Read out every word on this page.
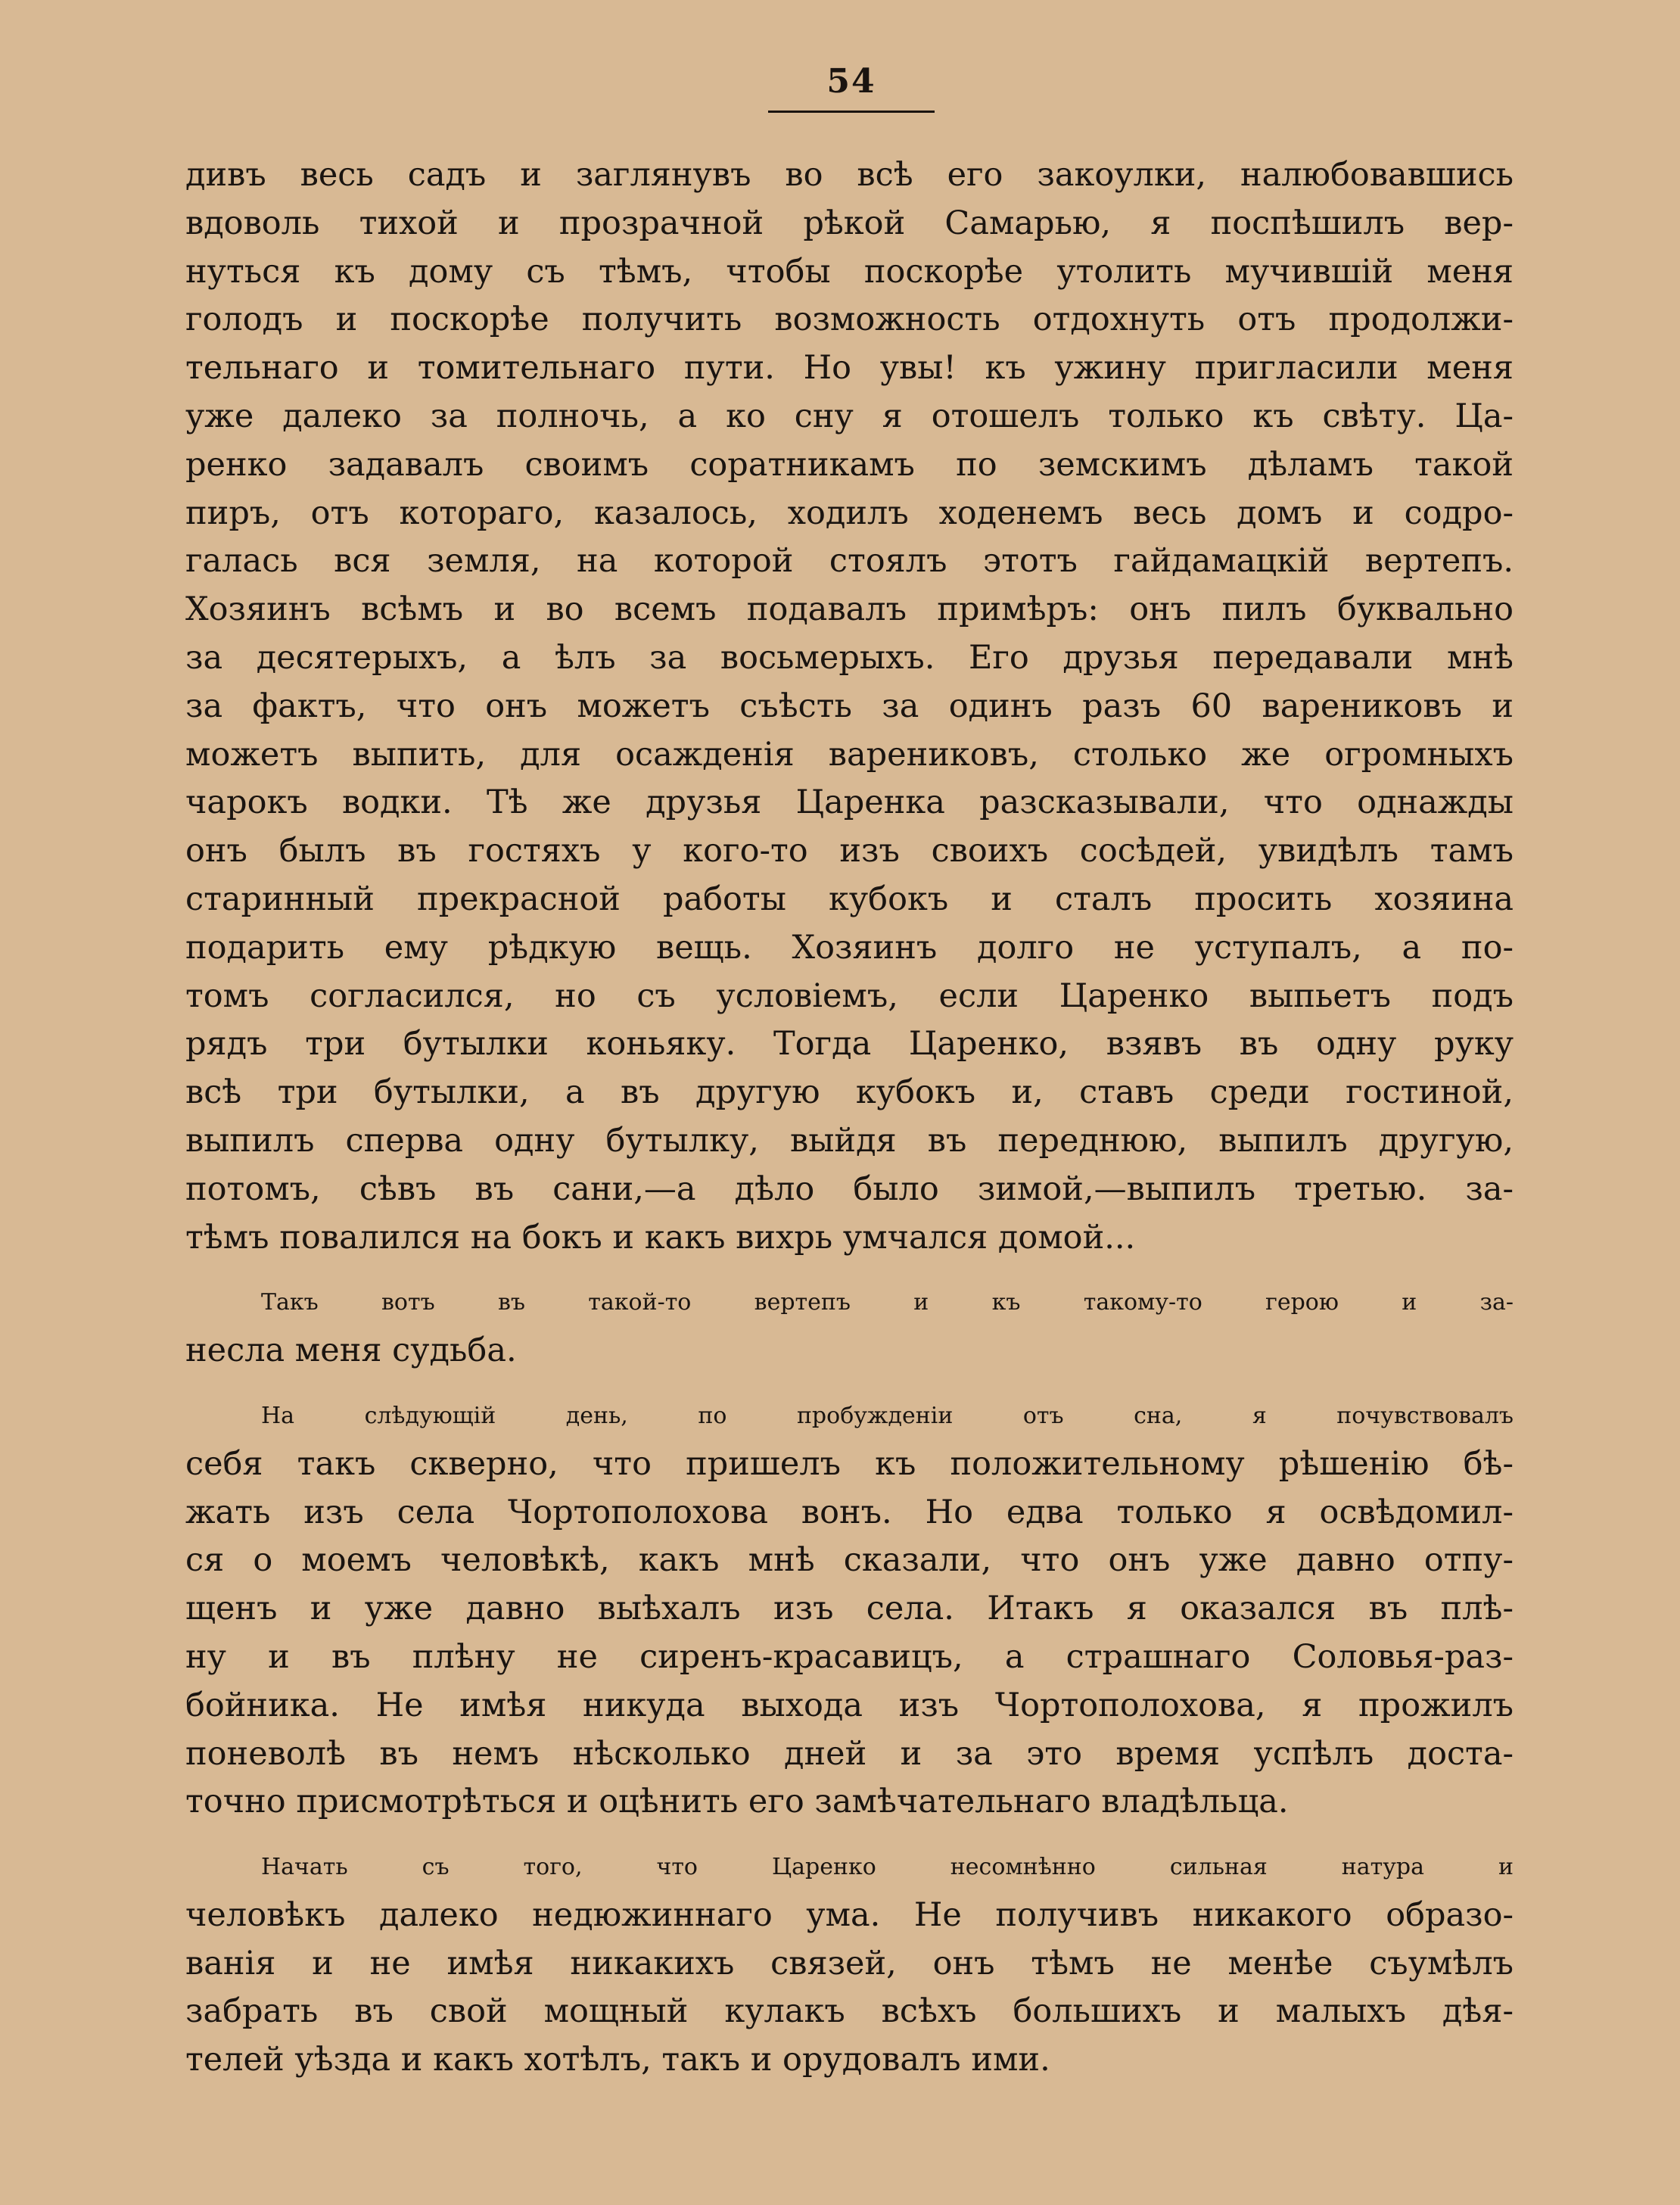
54

дивъ весь садъ и заглянувъ во всѣ его закоулки, налюбовавшись
вдоволь тихой и прозрачной рѣкой Самарью, я поспѣшилъ вер-
нуться къ дому съ тѣмъ, чтобы поскорѣе утолить мучившій меня
голодъ и поскорѣе получить возможность отдохнуть отъ продолжи-
тельнаго и томительнаго пути. Но увы! къ ужину пригласили меня
уже далеко за полночь, а ко сну я отошелъ только къ свѣту. Ца-
ренко задавалъ своимъ соратникамъ по земскимъ дѣламъ такой
пиръ, отъ котораго, казалось, ходилъ ходенемъ весь домъ и содро-
галась вся земля, на которой стоялъ этотъ гайдамацкій вертепъ.
Хозяинъ всѣмъ и во всемъ подавалъ примѣръ: онъ пилъ буквально
за десятерыхъ, а ѣлъ за восьмерыхъ. Его друзья передавали мнѣ
за фактъ, что онъ можетъ съѣсть за одинъ разъ 60 варениковъ и
можетъ выпить, для осажденія варениковъ, столько же огромныхъ
чарокъ водки. Тѣ же друзья Царенка разсказывали, что однажды
онъ былъ въ гостяхъ у кого-то изъ своихъ сосѣдей, увидѣлъ тамъ
старинный прекрасной работы кубокъ и сталъ просить хозяина
подарить ему рѣдкую вещь. Хозяинъ долго не уступалъ, а по-
томъ согласился, но съ условіемъ, если Царенко выпьетъ подъ
рядъ три бутылки коньяку. Тогда Царенко, взявъ въ одну руку
всѣ три бутылки, а въ другую кубокъ и, ставъ среди гостиной,
выпилъ сперва одну бутылку, выйдя въ переднюю, выпилъ другую,
потомъ, сѣвъ въ сани,—а дѣло было зимой,—выпилъ третью. за-
тѣмъ повалился на бокъ и какъ вихрь умчался домой...

Такъ вотъ въ такой-то вертепъ и къ такому-то герою и за-
несла меня судьба.

На слѣдующій день, по пробужденіи отъ сна, я почувствовалъ
себя такъ скверно, что пришелъ къ положительному рѣшенію бѣ-
жать изъ села Чортополохова вонъ. Но едва только я освѣдомил-
ся о моемъ человѣкѣ, какъ мнѣ сказали, что онъ уже давно отпу-
щенъ и уже давно выѣхалъ изъ села. Итакъ я оказался въ плѣ-
ну и въ плѣну не сиренъ-красавицъ, а страшнаго Соловья-раз-
бойника. Не имѣя никуда выхода изъ Чортополохова, я прожилъ
поневолѣ въ немъ нѣсколько дней и за это время успѣлъ доста-
точно присмотрѣться и оцѣнить его замѣчательнаго владѣльца.

Начать съ того, что Царенко несомнѣнно сильная натура и
человѣкъ далеко недюжиннаго ума. Не получивъ никакого образо-
ванія и не имѣя никакихъ связей, онъ тѣмъ не менѣе съумѣлъ
забрать въ свой мощный кулакъ всѣхъ большихъ и малыхъ дѣя-
телей уѣзда и какъ хотѣлъ, такъ и орудовалъ ими.
